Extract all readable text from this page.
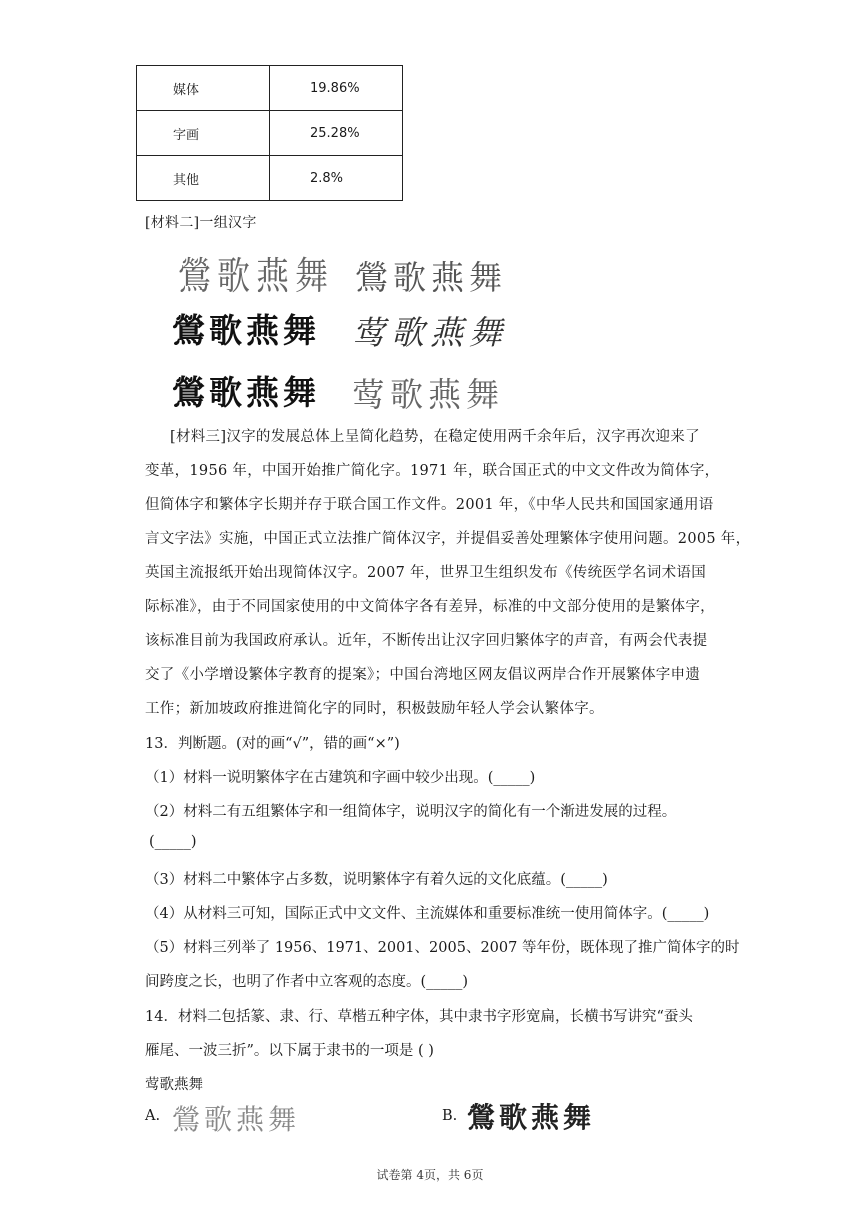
媒体	19.86%
字画	25.28%
其他	2.8%
[材料二]一组汉字
鶯歌燕舞 鶯歌燕舞
鶯歌燕舞 莺歌燕舞
鶯歌燕舞 莺歌燕舞
[材料三]汉字的发展总体上呈简化趋势，在稳定使用两千余年后，汉字再次迎来了
变革，1956 年，中国开始推广简化字。1971 年，联合国正式的中文文件改为简体字，
但简体字和繁体字长期并存于联合国工作文件。2001 年，《中华人民共和国国家通用语
言文字法》实施，中国正式立法推广简体汉字，并提倡妥善处理繁体字使用问题。2005 年，
英国主流报纸开始出现简体汉字。2007 年，世界卫生组织发布《传统医学名词术语国
际标准》，由于不同国家使用的中文简体字各有差异，标准的中文部分使用的是繁体字，
该标准目前为我国政府承认。近年，不断传出让汉字回归繁体字的声音，有两会代表提
交了《小学增设繁体字教育的提案》；中国台湾地区网友倡议两岸合作开展繁体字申遗
工作；新加坡政府推进简化字的同时，积极鼓励年轻人学会认繁体字。
13．判断题。(对的画“√”，错的画“×”)
（1）材料一说明繁体字在古建筑和字画中较少出现。(_____)
（2）材料二有五组繁体字和一组简体字，说明汉字的简化有一个渐进发展的过程。
(_____)
（3）材料二中繁体字占多数，说明繁体字有着久远的文化底蕴。(_____)
（4）从材料三可知，国际正式中文文件、主流媒体和重要标准统一使用简体字。(_____)
（5）材料三列举了 1956、1971、2001、2005、2007 等年份，既体现了推广简体字的时
间跨度之长，也明了作者中立客观的态度。(_____)
14．材料二包括篆、隶、行、草楷五种字体，其中隶书字形宽扁，长横书写讲究“蚕头
雁尾、一波三折”。以下属于隶书的一项是 ( )
莺歌燕舞
A. 鶯歌燕舞	B. 鶯歌燕舞
试卷第 4页，共 6页
